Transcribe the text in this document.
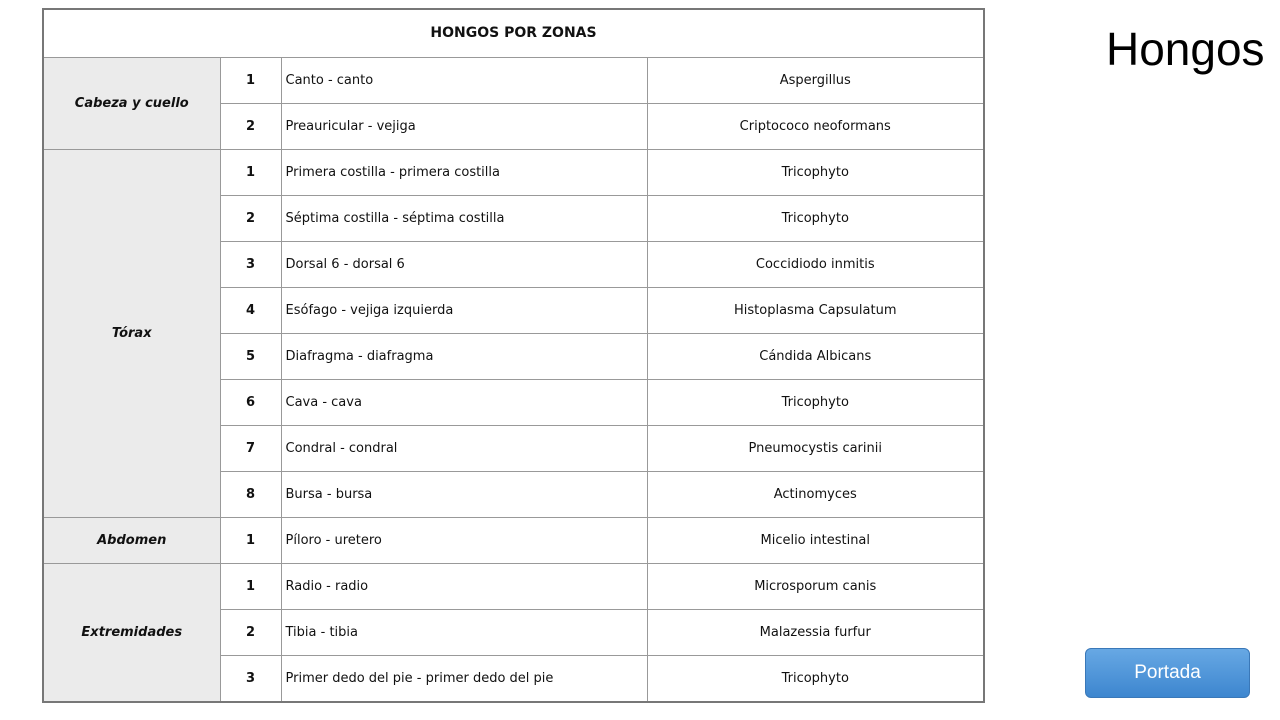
Hongos
HONGOS POR ZONAS			
Cabeza y cuello	1	Canto - canto	Aspergillus
	2	Preauricular - vejiga	Criptococo neoformans
Tórax	1	Primera costilla - primera costilla	Tricophyto
	2	Séptima costilla - séptima costilla	Tricophyto
	3	Dorsal 6 - dorsal 6	Coccidiodo inmitis
	4	Esófago - vejiga izquierda	Histoplasma Capsulatum
	5	Diafragma - diafragma	Cándida Albicans
	6	Cava - cava	Tricophyto
	7	Condral - condral	Pneumocystis carinii
	8	Bursa - bursa	Actinomyces
Abdomen	1	Píloro - uretero	Micelio intestinal
Extremidades	1	Radio - radio	Microsporum canis
	2	Tibia - tibia	Malazessia furfur
	3	Primer dedo del pie - primer dedo del pie	Tricophyto	Portada
